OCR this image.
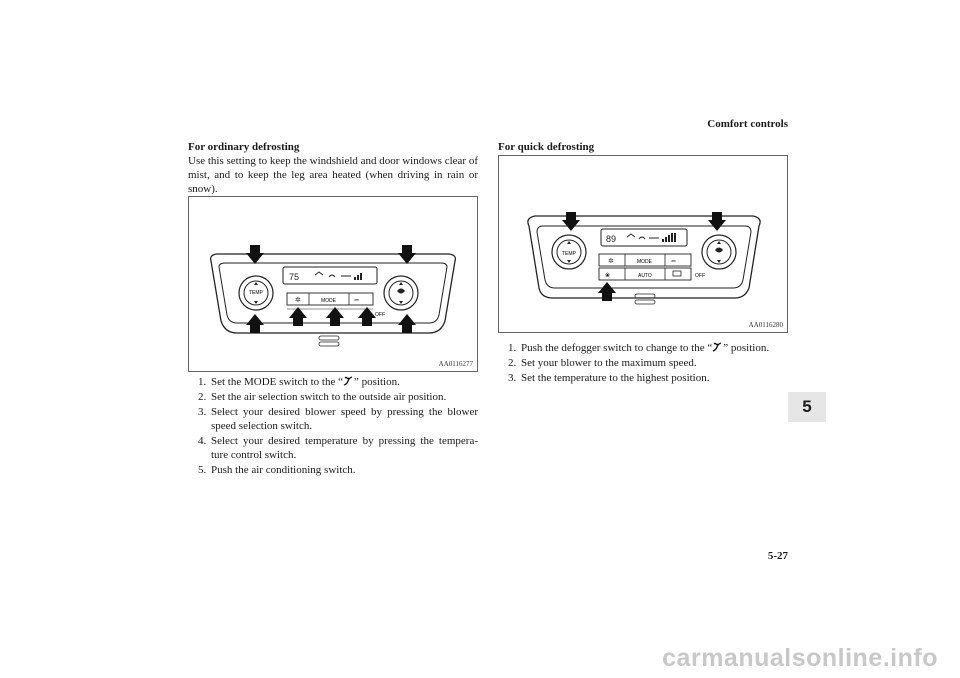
Comfort controls
5
For ordinary defrosting
Use this setting to keep the windshield and door windows clear of mist, and to keep the leg area heated (when driving in rain or snow).
TEMP
75
MODE
✲	⇐
OFF
AA0116277
1. Set the MODE switch to the “ ” position.
2. Set the air selection switch to the outside air position.
3. Select your desired blower speed by pressing the blower speed selection switch.
4. Select your desired temperature by pressing the tempera- ture control switch.
5. Push the air conditioning switch.
For quick defrosting
TEMP
89
MODE
✲	⇐
AUTO
❀	OFF
AA0116280
1. Push the defogger switch to change to the “ ” position.
2. Set your blower to the maximum speed.
3. Set the temperature to the highest position.
5-27
carmanualsonline.info
